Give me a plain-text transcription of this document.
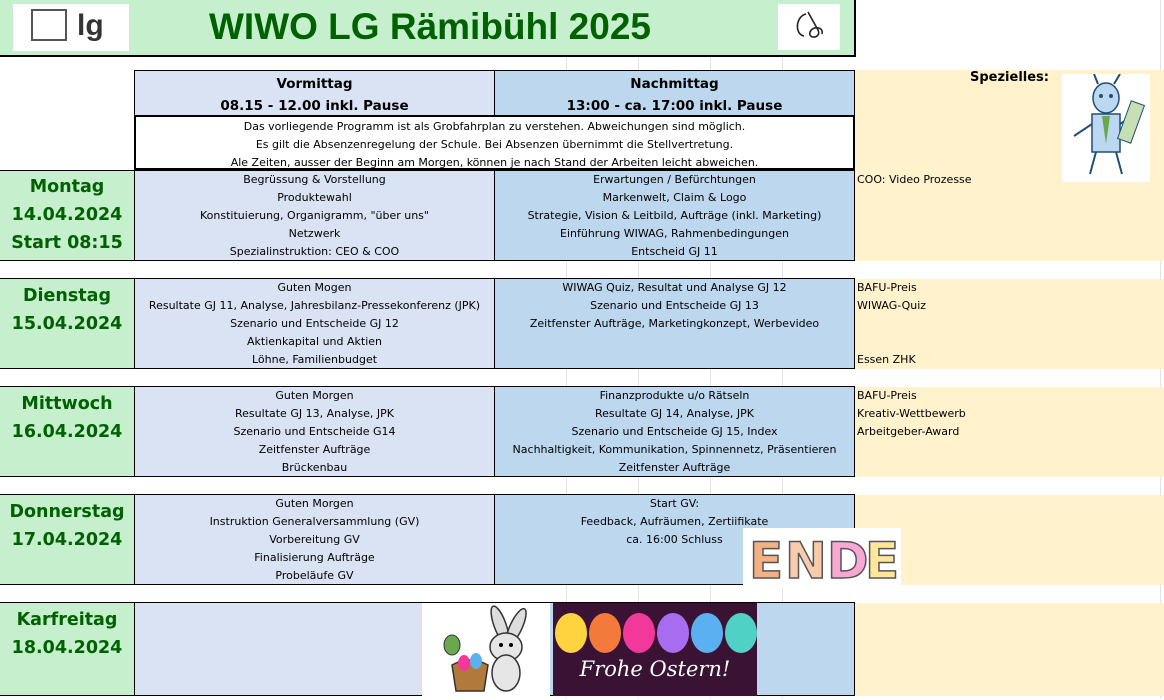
lg	WIWO LG Rämibühl 2025
Vormittag
08.15 - 12.00 inkl. Pause
Nachmittag
13:00 - ca. 17:00 inkl. Pause
Spezielles:
Das vorliegende Programm ist als Grobfahrplan zu verstehen. Abweichungen sind möglich.
Es gilt die Absenzenregelung der Schule. Bei Absenzen übernimmt die Stellvertretung.
Ale Zeiten, ausser der Beginn am Morgen, können je nach Stand der Arbeiten leicht abweichen.
Montag
14.04.2024
Start 08:15
Begrüssung & Vorstellung
Produktewahl
Konstituierung, Organigramm, "über uns"
Netzwerk
Spezialinstruktion: CEO & COO
Erwartungen / Befürchtungen
Markenwelt, Claim & Logo
Strategie, Vision & Leitbild, Aufträge (inkl. Marketing)
Einführung WIWAG, Rahmenbedingungen
Entscheid GJ 11
COO: Video Prozesse
Dienstag
15.04.2024
Guten Mogen
Resultate GJ 11, Analyse, Jahresbilanz-Pressekonferenz (JPK)
Szenario und Entscheide GJ 12
Aktienkapital und Aktien
Löhne, Familienbudget
WIWAG Quiz, Resultat und Analyse GJ 12
Szenario und Entscheide GJ 13
Zeitfenster Aufträge, Marketingkonzept, Werbevideo
BAFU-Preis
WIWAG-Quiz
Essen ZHK
Mittwoch
16.04.2024
Guten Morgen
Resultate GJ 13, Analyse, JPK
Szenario und Entscheide G14
Zeitfenster Aufträge
Brückenbau
Finanzprodukte u/o Rätseln
Resultate GJ 14, Analyse, JPK
Szenario und Entscheide GJ 15, Index
Nachhaltigkeit, Kommunikation, Spinnennetz, Präsentieren
Zeitfenster Aufträge
BAFU-Preis
Kreativ-Wettbewerb
Arbeitgeber-Award
Donnerstag
17.04.2024
Guten Morgen
Instruktion Generalversammlung (GV)
Vorbereitung GV
Finalisierung Aufträge
Probeläufe GV
Start GV:
Feedback, Aufräumen, Zertiifikate
ca. 16:00 Schluss
Karfreitag
18.04.2024
E N D
E
Frohe Ostern!
